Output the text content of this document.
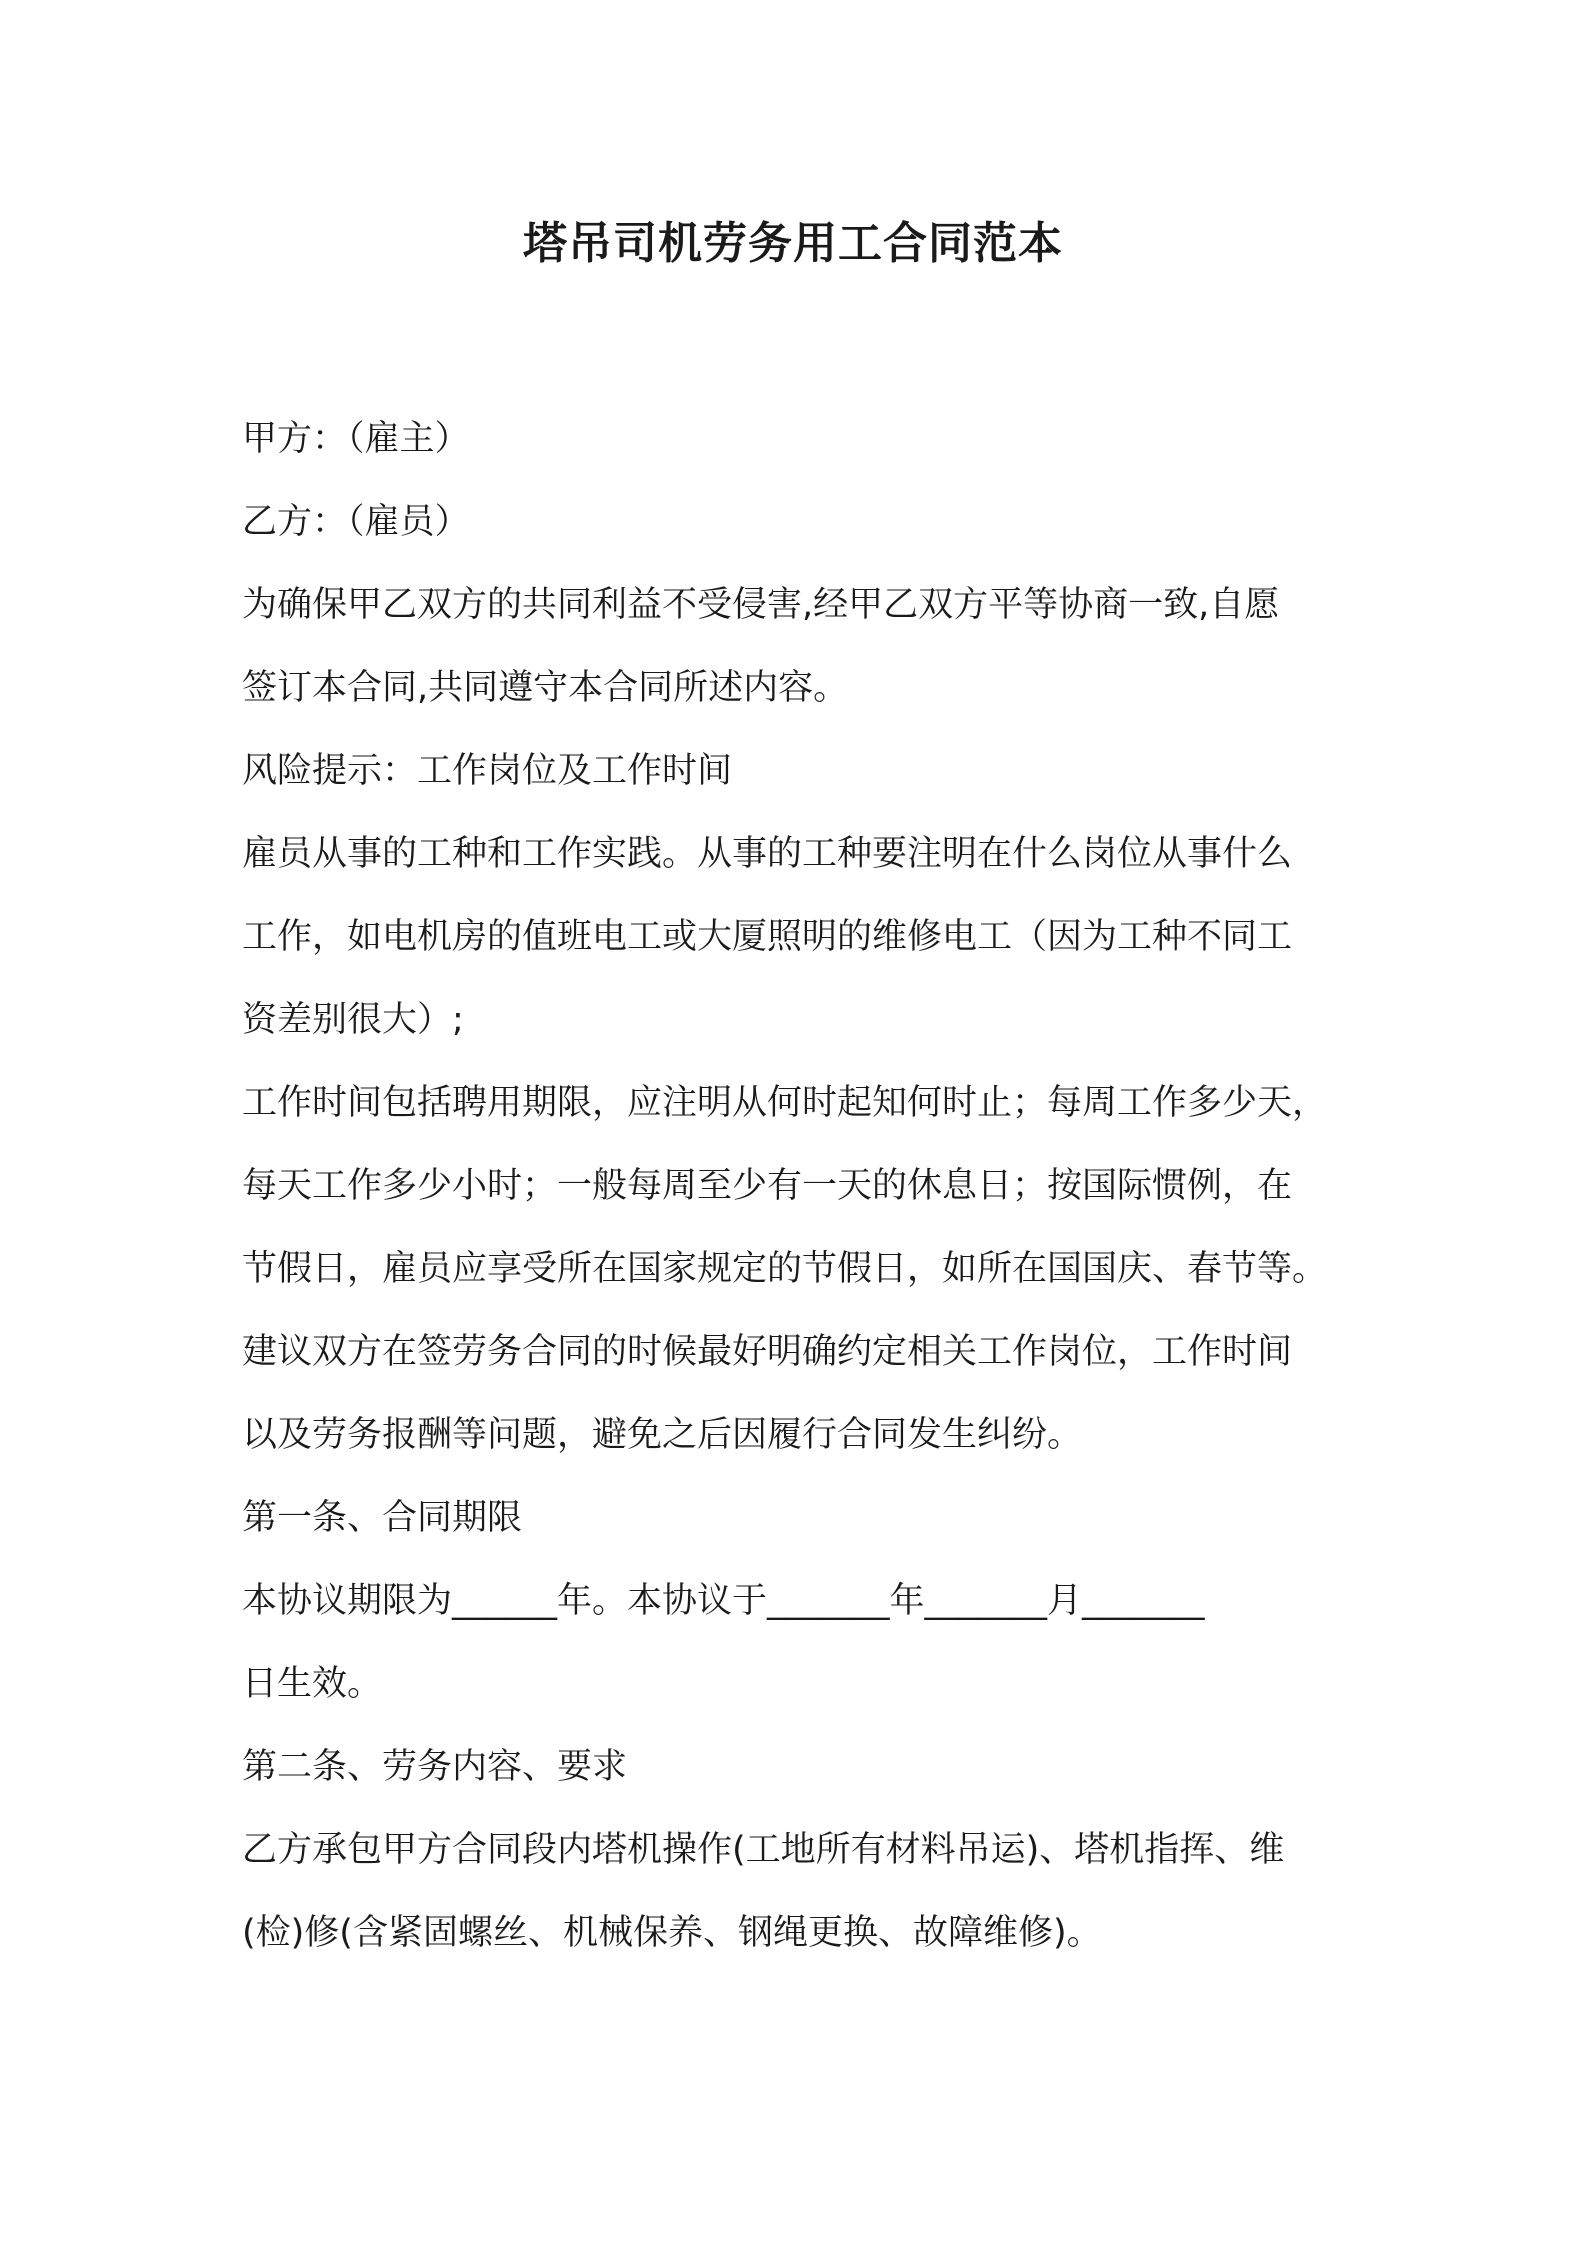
塔吊司机劳务用工合同范本
甲方：（雇主）
乙方：（雇员）
为确保甲乙双方的共同利益不受侵害,经甲乙双方平等协商一致,自愿
签订本合同,共同遵守本合同所述内容。
风险提示：工作岗位及工作时间
雇员从事的工种和工作实践。从事的工种要注明在什么岗位从事什么
工作，如电机房的值班电工或大厦照明的维修电工（因为工种不同工
资差别很大）;
工作时间包括聘用期限，应注明从何时起知何时止；每周工作多少天，
每天工作多少小时；一般每周至少有一天的休息日；按国际惯例，在
节假日，雇员应享受所在国家规定的节假日，如所在国国庆、春节等。
建议双方在签劳务合同的时候最好明确约定相关工作岗位，工作时间
以及劳务报酬等问题，避免之后因履行合同发生纠纷。
第一条、合同期限
本协议期限为______年。本协议于_______年_______月_______
日生效。
第二条、劳务内容、要求
乙方承包甲方合同段内塔机操作(工地所有材料吊运)、塔机指挥、维
(检)修(含紧固螺丝、机械保养、钢绳更换、故障维修)。
